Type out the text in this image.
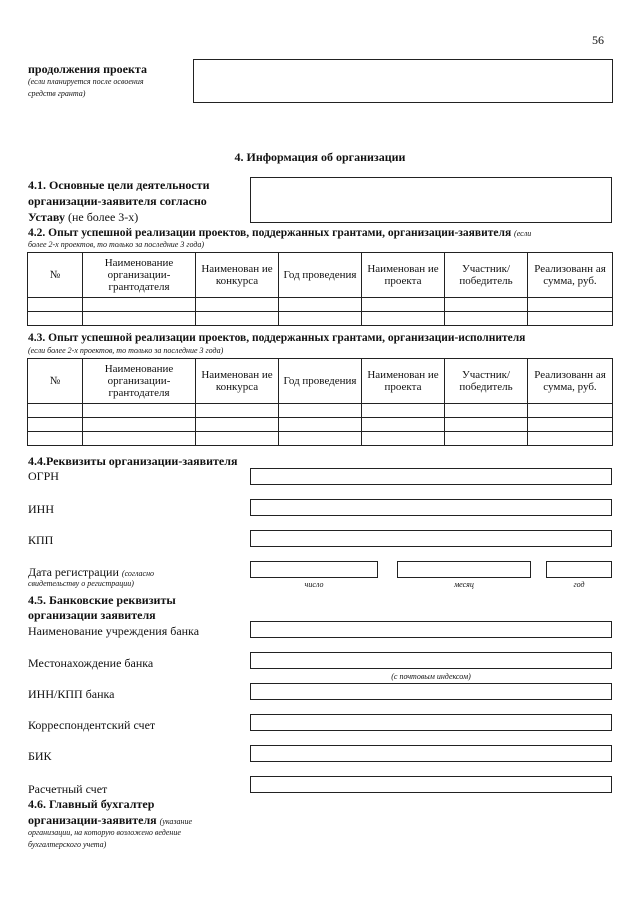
56
продолжения проекта
(если планируется после освоения
средств гранта)
4. Информация об организации
4.1. Основные цели деятельности
организации-заявителя согласно
Уставу (не более 3-х)
4.2. Опыт успешной реализации проектов, поддержанных грантами, организации-заявителя (если
более 2-х проектов, то только за последние 3 года)
№	Наименование организации-грантодателя	Наименован ие конкурса	Год проведения	Наименован ие проекта	Участник/ победитель	Реализованн ая сумма, руб.

4.3. Опыт успешной реализации проектов, поддержанных грантами, организации-исполнителя
(если более 2-х проектов, то только за последние 3 года)
№	Наименование организации-грантодателя	Наименован ие конкурса	Год проведения	Наименован ие проекта	Участник/ победитель	Реализованн ая сумма, руб.

4.4.Реквизиты организации-заявителя
ОГРН
ИНН
КПП
Дата регистрации (согласно
свидетельству о регистрации)	число	месяц	год
4.5. Банковские реквизиты
организации заявителя
Наименование учреждения банка
Местонахождение банка
(с почтовым индексом)
ИНН/КПП банка
Корреспондентский счет
БИК
Расчетный счет
4.6. Главный бухгалтер
организации-заявителя (указание
организации, на которую возложено ведение
бухгалтерского учета)
